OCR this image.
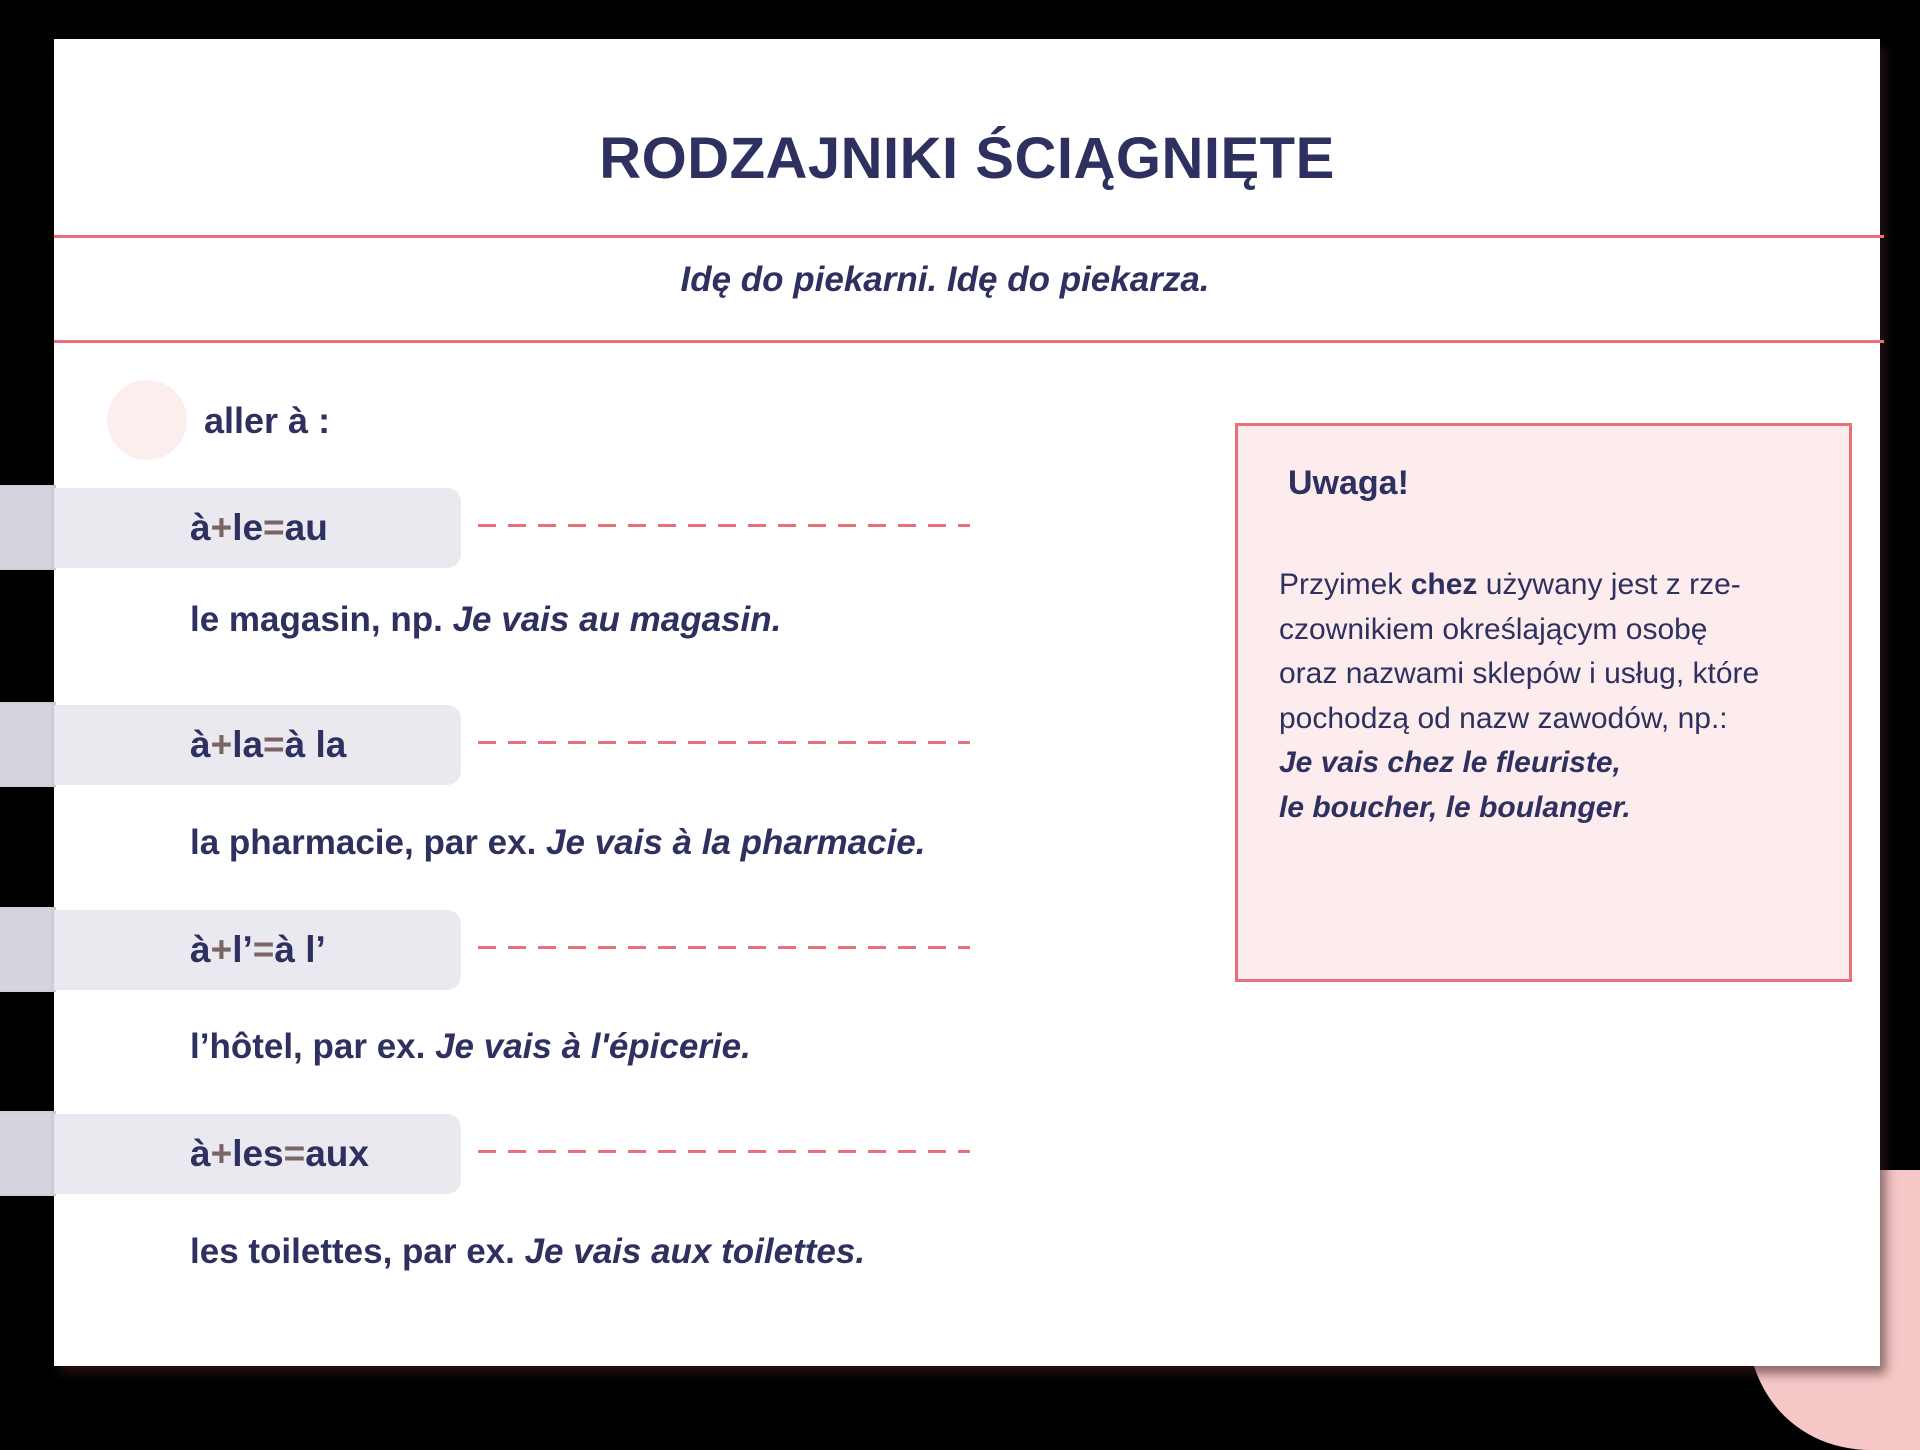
RODZAJNIKI ŚCIĄGNIĘTE
Idę do piekarni. Idę do piekarza.
aller à :
à + le = au
le magasin, np. Je vais au magasin.
à + la = à la
la pharmacie, par ex. Je vais à la pharmacie.
à + l’ = à l’
l’hôtel, par ex. Je vais à l'épicerie.
à + les = aux
les toilettes, par ex. Je vais aux toilettes.
Uwaga!
Przyimek chez używany jest z rze-
czownikiem określającym osobę
oraz nazwami sklepów i usług, które
pochodzą od nazw zawodów, np.:
Je vais chez le fleuriste,
le boucher, le boulanger.
